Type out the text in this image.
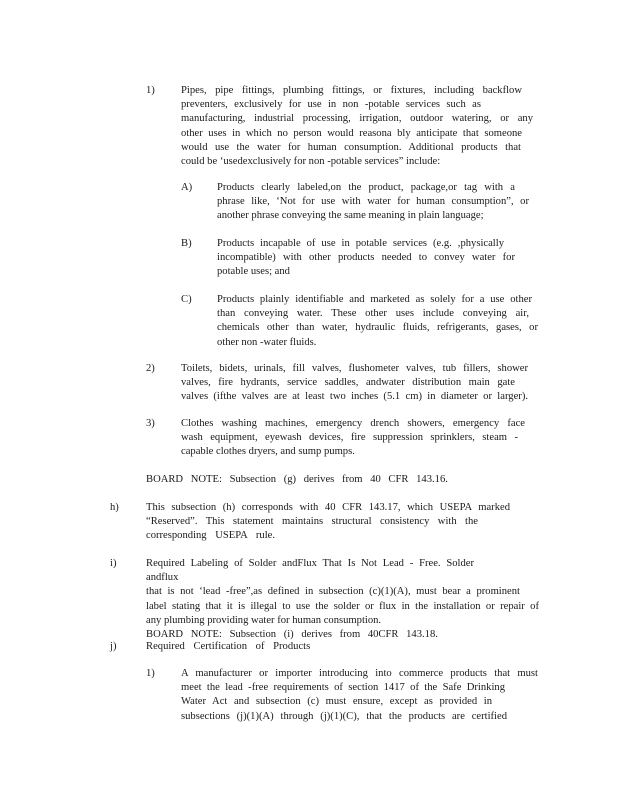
1) Pipes, pipe fittings, plumbing fittings, or fixtures, including backflow
preventers, exclusively for use in non -potable services such as
manufacturing, industrial processing, irrigation, outdoor watering, or any
other uses in which no person would reasona bly anticipate that someone
would use the water for human consumption. Additional products that
could be ‘usedexclusively for non -potable services” include:
A) Products clearly labeled,on the product, package,or tag with a
phrase like, ‘Not for use with water for human consumption”, or
another phrase conveying the same meaning in plain language;
B) Products incapable of use in potable services (e.g. ,physically
incompatible) with other products needed to convey water for
potable uses; and
C) Products plainly identifiable and marketed as solely for a use other
than conveying water. These other uses include conveying air,
chemicals other than water, hydraulic fluids, refrigerants, gases, or
other non -water fluids.
2) Toilets, bidets, urinals, fill valves, flushometer valves, tub fillers, shower
valves, fire hydrants, service saddles, andwater distribution main gate
valves (ifthe valves are at least two inches (5.1 cm) in diameter or larger).
3) Clothes washing machines, emergency drench showers, emergency face
wash equipment, eyewash devices, fire suppression sprinklers, steam -
capable clothes dryers, and sump pumps.
BOARD NOTE: Subsection (g) derives from 40 CFR 143.16.
h)	This subsection (h) corresponds with 40 CFR 143.17, which USEPA marked
“Reserved”. This statement maintains structural consistency with the
corresponding USEPA rule.
i)	Required Labeling of Solder andFlux That Is Not Lead - Free. Solder andflux
that is not ‘lead -free”,as defined in subsection (c)(1)(A), must bear a prominent
label stating that it is illegal to use the solder or flux in the installation or repair of
any plumbing providing water for human consumption.
BOARD NOTE: Subsection (i) derives from 40CFR 143.18.
j)	Required Certification of Products
1) A manufacturer or importer introducing into commerce products that must
meet the lead -free requirements of section 1417 of the Safe Drinking
Water Act and subsection (c) must ensure, except as provided in
subsections (j)(1)(A) through (j)(1)(C), that the products are certified
